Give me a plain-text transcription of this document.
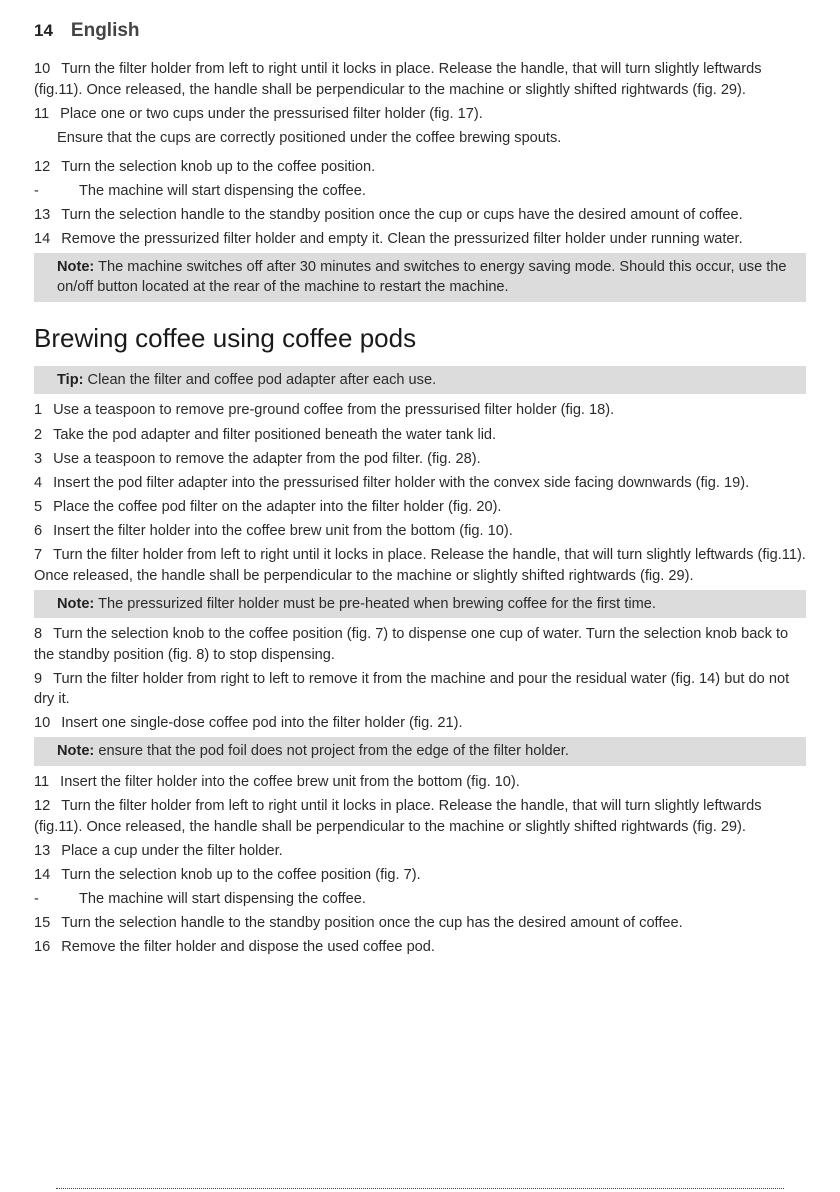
14 English

10 Turn the filter holder from left to right until it locks in place. Release the handle, that will turn slightly leftwards (fig.11). Once released, the handle shall be perpendicular to the machine or slightly shifted rightwards (fig. 29).

11 Place one or two cups under the pressurised filter holder (fig. 17).

Ensure that the cups are correctly positioned under the coffee brewing spouts.

12 Turn the selection knob up to the coffee position.

-	The machine will start dispensing the coffee.

13 Turn the selection handle to the standby position once the cup or cups have the desired amount of coffee.

14 Remove the pressurized filter holder and empty it. Clean the pressurized filter holder under running water.

Note: The machine switches off after 30 minutes and switches to energy saving mode. Should this occur, use the on/off button located at the rear of the machine to restart the machine.

Brewing coffee using coffee pods

Tip: Clean the filter and coffee pod adapter after each use.

1 Use a teaspoon to remove pre-ground coffee from the pressurised filter holder (fig. 18).

2 Take the pod adapter and filter positioned beneath the water tank lid.

3 Use a teaspoon to remove the adapter from the pod filter. (fig. 28).

4 Insert the pod filter adapter into the pressurised filter holder with the convex side facing downwards (fig. 19).

5 Place the coffee pod filter on the adapter into the filter holder (fig. 20).

6 Insert the filter holder into the coffee brew unit from the bottom (fig. 10).

7 Turn the filter holder from left to right until it locks in place. Release the handle, that will turn slightly leftwards (fig.11). Once released, the handle shall be perpendicular to the machine or slightly shifted rightwards (fig. 29).

Note: The pressurized filter holder must be pre-heated when brewing coffee for the first time.

8 Turn the selection knob to the coffee position (fig. 7) to dispense one cup of water. Turn the selection knob back to the standby position (fig. 8) to stop dispensing.

9 Turn the filter holder from right to left to remove it from the machine and pour the residual water (fig. 14) but do not dry it.

10 Insert one single-dose coffee pod into the filter holder (fig. 21).

Note: ensure that the pod foil does not project from the edge of the filter holder.

11 Insert the filter holder into the coffee brew unit from the bottom (fig. 10).

12 Turn the filter holder from left to right until it locks in place. Release the handle, that will turn slightly leftwards (fig.11). Once released, the handle shall be perpendicular to the machine or slightly shifted rightwards (fig. 29).

13 Place a cup under the filter holder.

14 Turn the selection knob up to the coffee position (fig. 7).

-	The machine will start dispensing the coffee.

15 Turn the selection handle to the standby position once the cup has the desired amount of coffee.

16 Remove the filter holder and dispose the used coffee pod.
